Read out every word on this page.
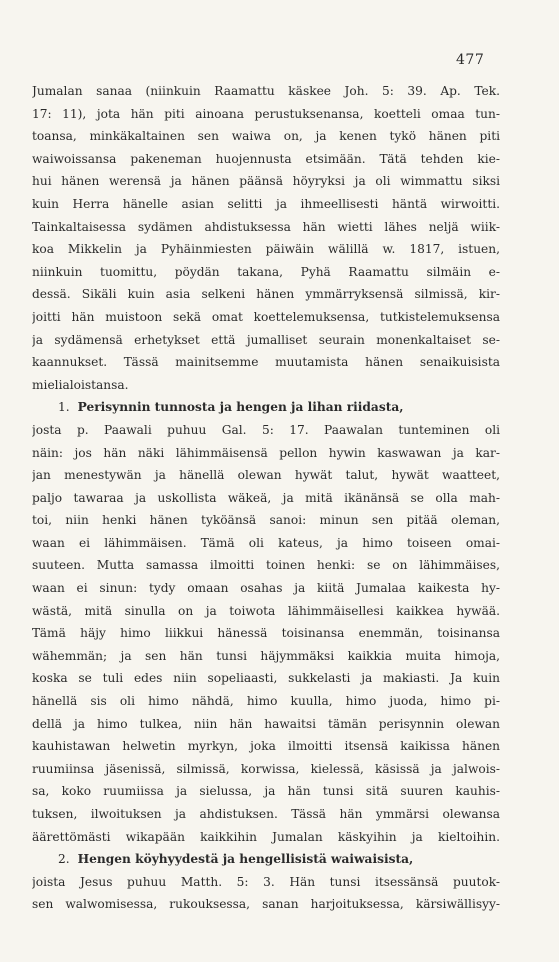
477
Jumalan sanaa (niinkuin Raamattu käskee Joh. 5: 39. Ap. Tek.
17: 11), jota hän piti ainoana perustuksenansa, koetteli omaa tun-
toansa, minkäkaltainen sen waiwa on, ja kenen tykö hänen piti
waiwoissansa pakeneman huojennusta etsimään. Tätä tehden kie-
hui hänen werensä ja hänen päänsä höyryksi ja oli wimmattu siksi
kuin Herra hänelle asian selitti ja ihmeellisesti häntä wirwoitti.
Tainkaltaisessa sydämen ahdistuksessa hän wietti lähes neljä wiik-
koa Mikkelin ja Pyhäinmiesten päiwäin wälillä w. 1817, istuen,
niinkuin tuomittu, pöydän takana, Pyhä Raamattu silmäin e-
dessä. Sikäli kuin asia selkeni hänen ymmärryksensä silmissä, kir-
joitti hän muistoon sekä omat koettelemuksensa, tutkistelemuksensa
ja sydämensä erhetykset että jumalliset seurain monenkaltaiset se-
kaannukset. Tässä mainitsemme muutamista hänen senaikuisista
mielialoistansa.
1. Perisynnin tunnosta ja hengen ja lihan riidasta,
josta p. Paawali puhuu Gal. 5: 17. Paawalan tunteminen oli
näin: jos hän näki lähimmäisensä pellon hywin kaswawan ja kar-
jan menestywän ja hänellä olewan hywät talut, hywät waatteet,
paljo tawaraa ja uskollista wäkeä, ja mitä ikänänsä se olla mah-
toi, niin henki hänen tyköänsä sanoi: minun sen pitää oleman,
waan ei lähimmäisen. Tämä oli kateus, ja himo toiseen omai-
suuteen. Mutta samassa ilmoitti toinen henki: se on lähimmäises,
waan ei sinun: tydy omaan osahas ja kiitä Jumalaa kaikesta hy-
wästä, mitä sinulla on ja toiwota lähimmäisellesi kaikkea hywää.
Tämä häjy himo liikkui hänessä toisinansa enemmän, toisinansa
wähemmän; ja sen hän tunsi häjymmäksi kaikkia muita himoja,
koska se tuli edes niin sopeliaasti, sukkelasti ja makiasti. Ja kuin
hänellä sis oli himo nähdä, himo kuulla, himo juoda, himo pi-
dellä ja himo tulkea, niin hän hawaitsi tämän perisynnin olewan
kauhistawan helwetin myrkyn, joka ilmoitti itsensä kaikissa hänen
ruumiinsa jäsenissä, silmissä, korwissa, kielessä, käsissä ja jalwois-
sa, koko ruumiissa ja sielussa, ja hän tunsi sitä suuren kauhis-
tuksen, ilwoituksen ja ahdistuksen. Tässä hän ymmärsi olewansa
äärettömästi wikapään kaikkihin Jumalan käskyihin ja kieltoihin.
2. Hengen köyhyydestä ja hengellisistä waiwaisista,
joista Jesus puhuu Matth. 5: 3. Hän tunsi itsessänsä puutok-
sen walwomisessa, rukouksessa, sanan harjoituksessa, kärsiwällisyy-
